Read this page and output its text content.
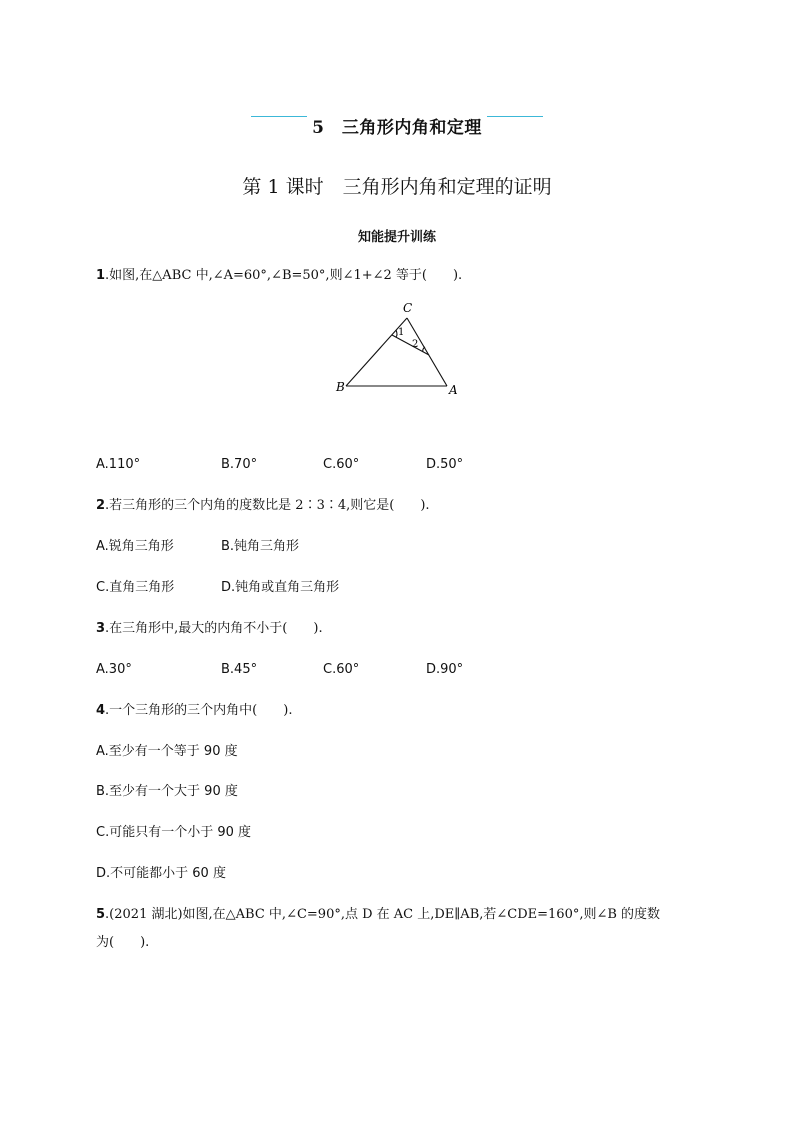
5　三角形内角和定理
第 1 课时　三角形内角和定理的证明
知能提升训练
1.如图,在△ABC 中,∠A=60°,∠B=50°,则∠1+∠2 等于(　　).
C
B	A
1
2
A.110°	B.70°	C.60°	D.50°
2.若三角形的三个内角的度数比是 2∶3∶4,则它是(　　).
A.锐角三角形	B.钝角三角形
C.直角三角形	D.钝角或直角三角形
3.在三角形中,最大的内角不小于(　　).
A.30°	B.45°	C.60°	D.90°
4.一个三角形的三个内角中(　　).
A.至少有一个等于 90 度
B.至少有一个大于 90 度
C.可能只有一个小于 90 度
D.不可能都小于 60 度
5.(2021 湖北)如图,在△ABC 中,∠C=90°,点 D 在 AC 上,DE∥AB,若∠CDE=160°,则∠B 的度数
为(　　).
